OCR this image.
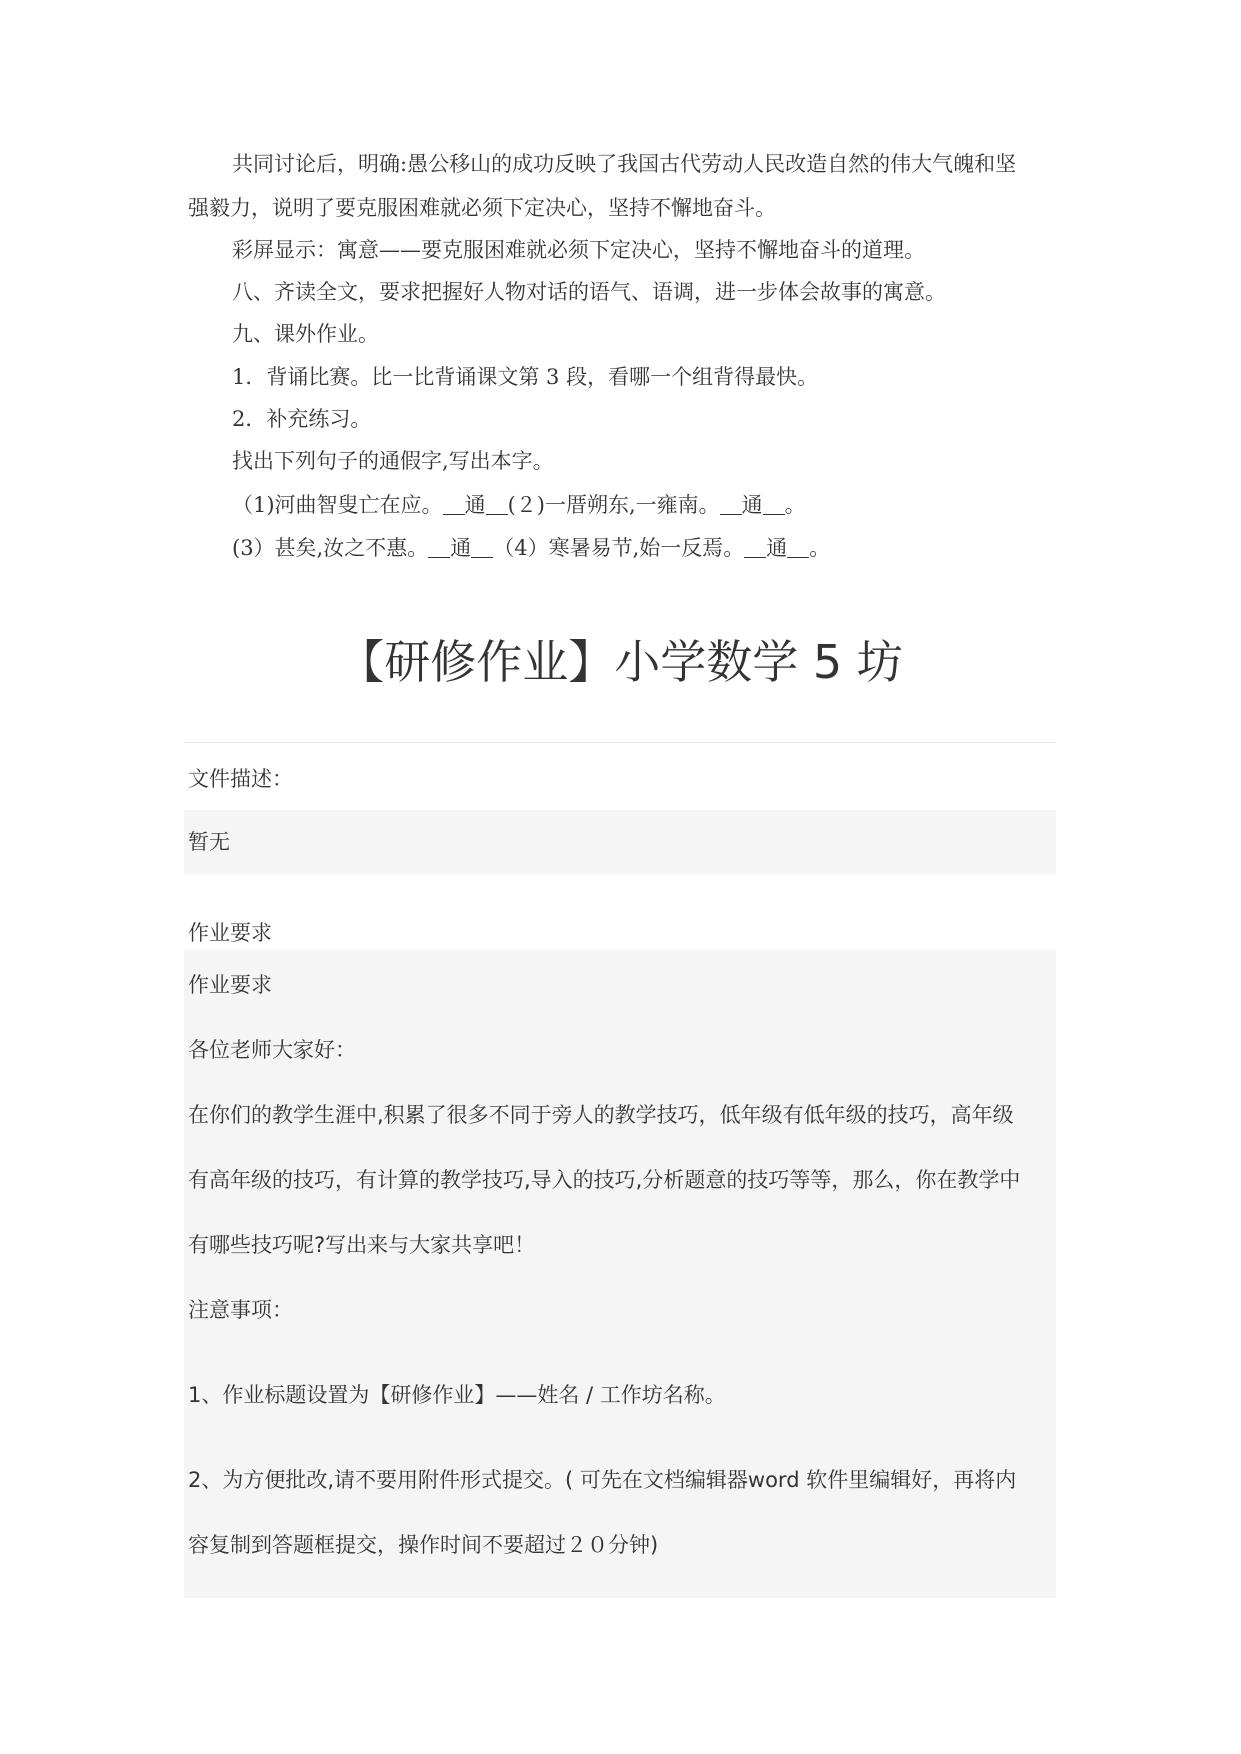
共同讨论后，明确:愚公移山的成功反映了我国古代劳动人民改造自然的伟大气魄和坚
强毅力，说明了要克服困难就必须下定决心，坚持不懈地奋斗。
彩屏显示：寓意——要克服困难就必须下定决心，坚持不懈地奋斗的道理。
八、齐读全文，要求把握好人物对话的语气、语调，进一步体会故事的寓意。
九、课外作业。
1．背诵比赛。比一比背诵课文第 3 段，看哪一个组背得最快。
2．补充练习。
找出下列句子的通假字,写出本字。
（1)河曲智叟亡在应。 通 (２)一厝朔东,一雍南。 通 。
(3）甚矣,汝之不惠。 通 （4）寒暑易节,始一反焉。 通 。
【研修作业】小学数学 5 坊
文件描述：
暂无
作业要求
作业要求
各位老师大家好：
在你们的教学生涯中,积累了很多不同于旁人的教学技巧，低年级有低年级的技巧，高年级
有高年级的技巧，有计算的教学技巧,导入的技巧,分析题意的技巧等等，那么，你在教学中
有哪些技巧呢?写出来与大家共享吧！
注意事项：
1、作业标题设置为【研修作业】——姓名 / 工作坊名称。
2、为方便批改,请不要用附件形式提交。( 可先在文档编辑器word 软件里编辑好，再将内
容复制到答题框提交，操作时间不要超过２０分钟)
